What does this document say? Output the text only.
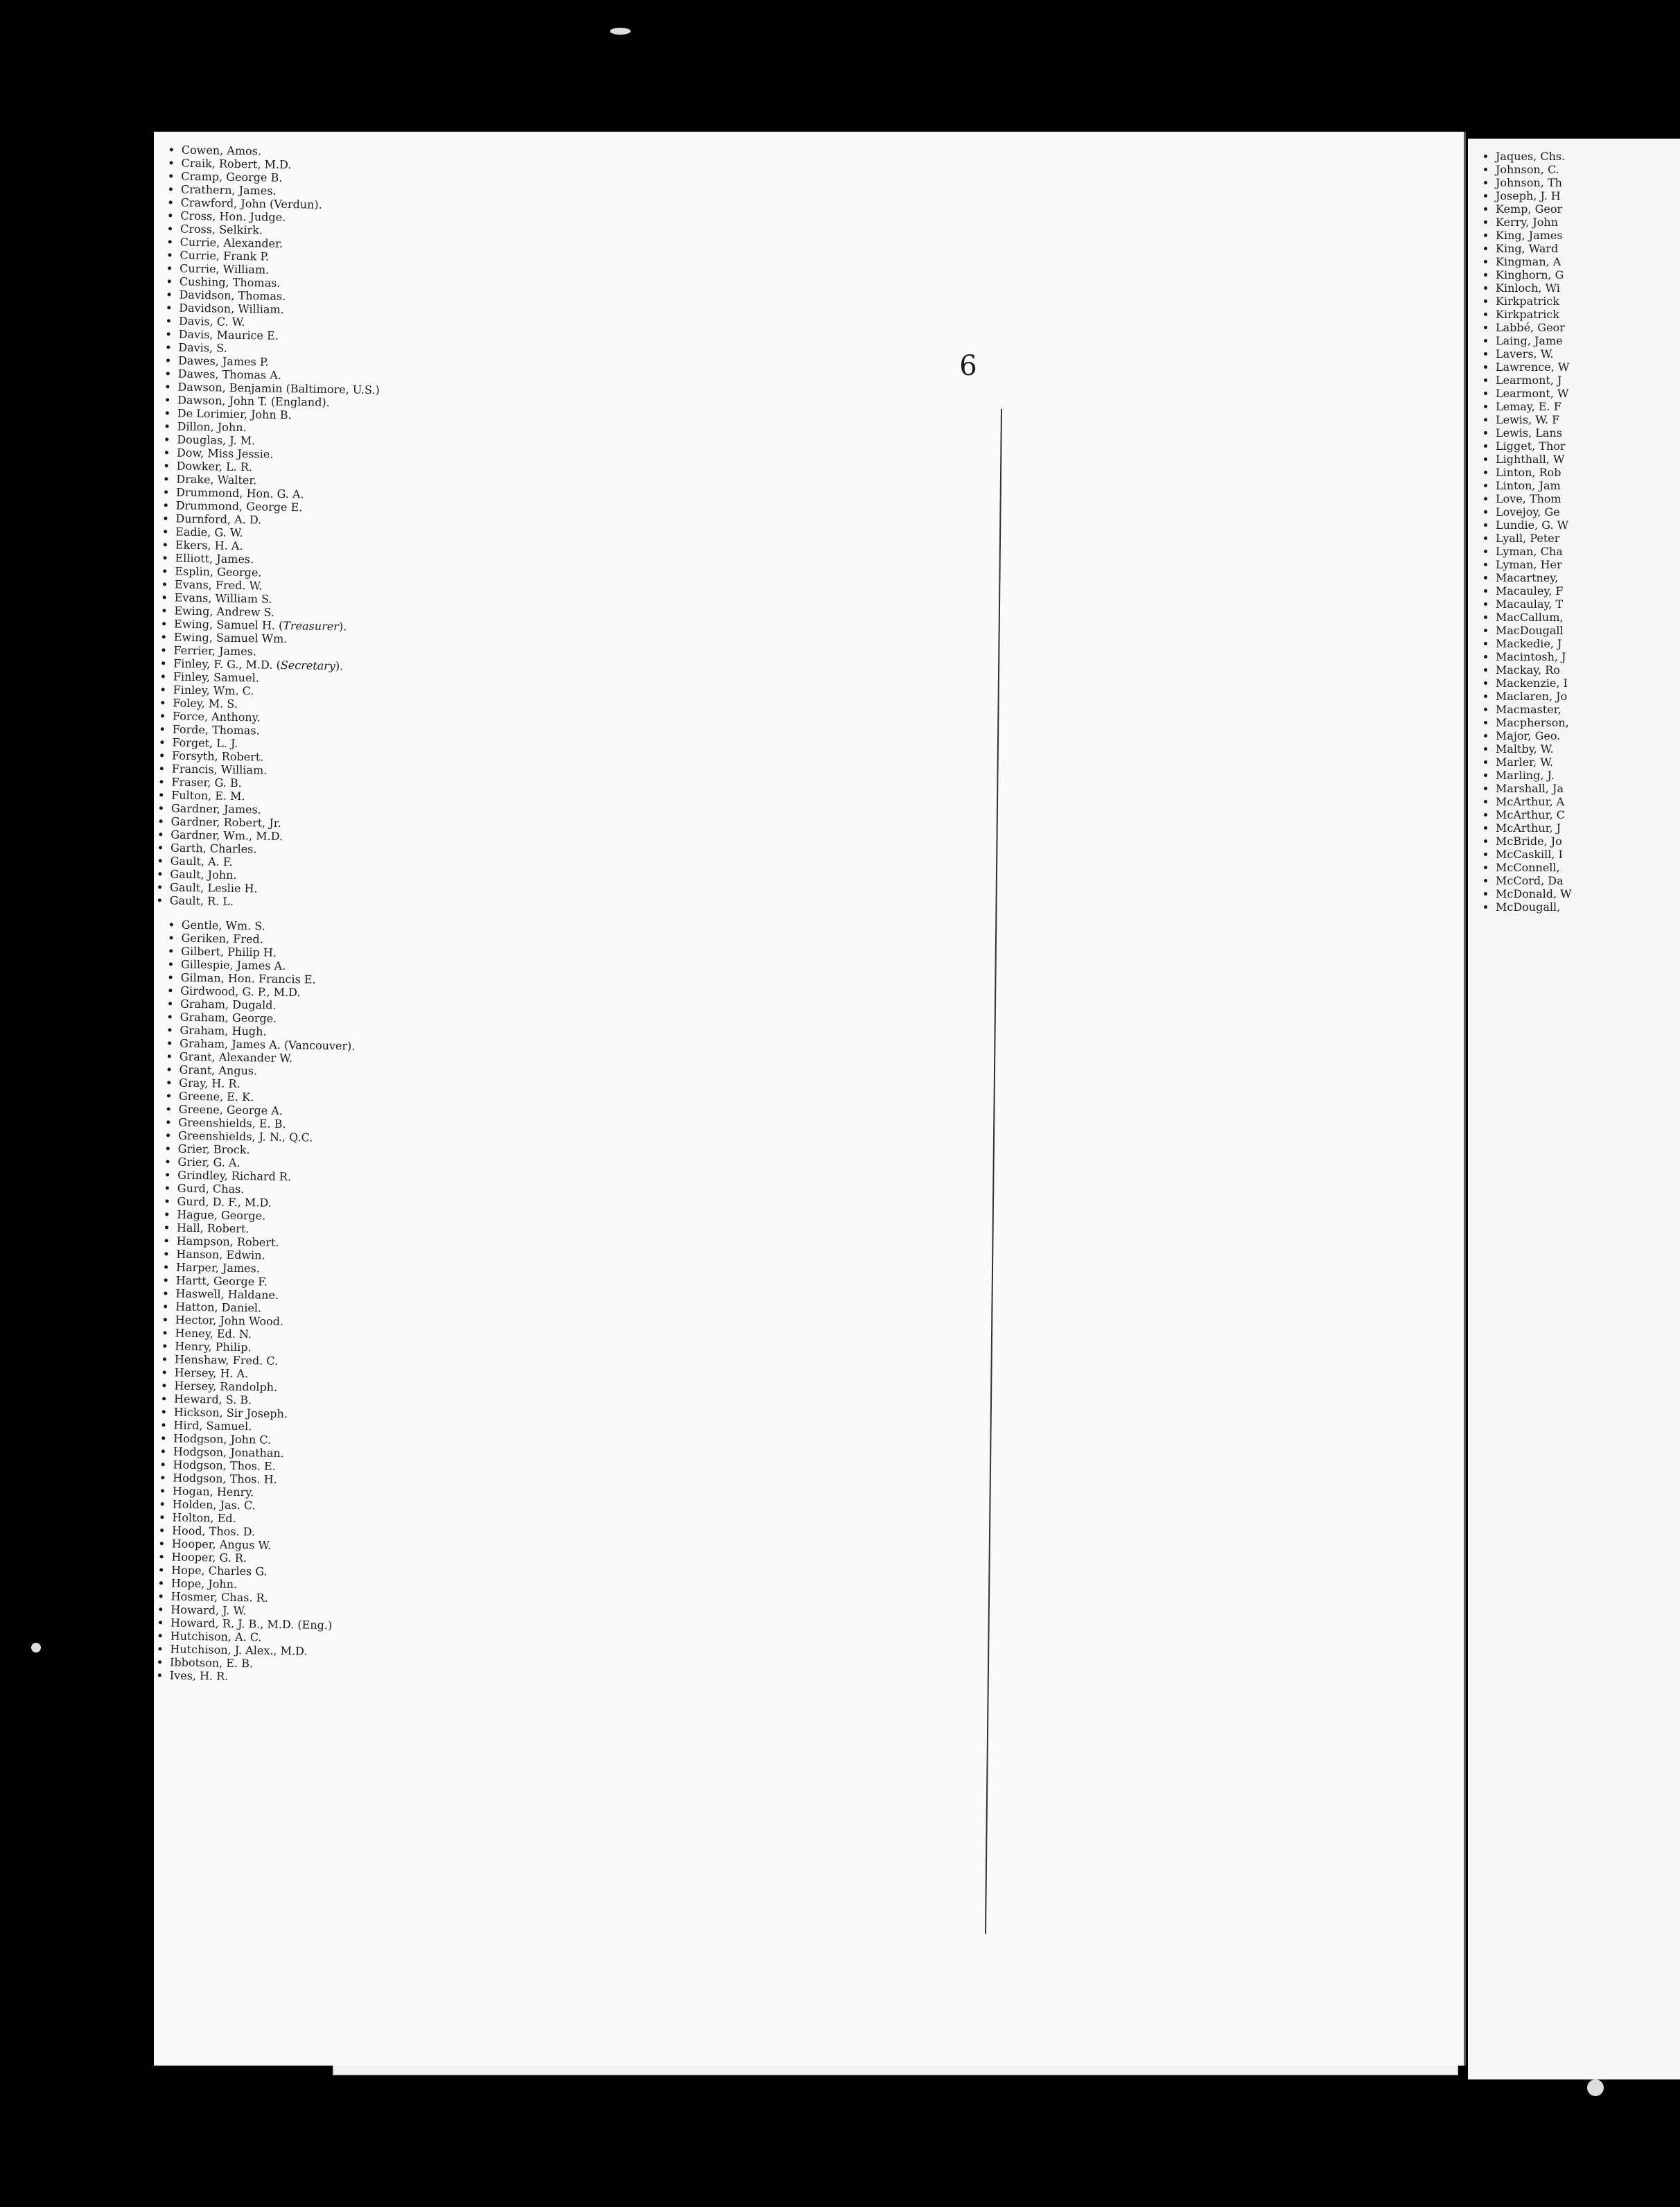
6
• Cowen, Amos.
• Craik, Robert, M.D.
• Cramp, George B.
• Crathern, James.
• Crawford, John (Verdun).
• Cross, Hon. Judge.
• Cross, Selkirk.
• Currie, Alexander.
• Currie, Frank P.
• Currie, William.
• Cushing, Thomas.
• Davidson, Thomas.
• Davidson, William.
• Davis, C. W.
• Davis, Maurice E.
• Davis, S.
• Dawes, James P.
• Dawes, Thomas A.
• Dawson, Benjamin (Baltimore, U.S.)
• Dawson, John T. (England).
• De Lorimier, John B.
• Dillon, John.
• Douglas, J. M.
• Dow, Miss Jessie.
• Dowker, L. R.
• Drake, Walter.
• Drummond, Hon. G. A.
• Drummond, George E.
• Durnford, A. D.
• Eadie, G. W.
• Ekers, H. A.
• Elliott, James.
• Esplin, George.
• Evans, Fred. W.
• Evans, William S.
• Ewing, Andrew S.
• Ewing, Samuel H. (Treasurer).
• Ewing, Samuel Wm.
• Ferrier, James.
• Finley, F. G., M.D. (Secretary).
• Finley, Samuel.
• Finley, Wm. C.
• Foley, M. S.
• Force, Anthony.
• Forde, Thomas.
• Forget, L. J.
• Forsyth, Robert.
• Francis, William.
• Fraser, G. B.
• Fulton, E. M.
• Gardner, James.
• Gardner, Robert, Jr.
• Gardner, Wm., M.D.
• Garth, Charles.
• Gault, A. F.
• Gault, John.
• Gault, Leslie H.
• Gault, R. L.
• Gentle, Wm. S.
• Geriken, Fred.
• Gilbert, Philip H.
• Gillespie, James A.
• Gilman, Hon. Francis E.
• Girdwood, G. P., M.D.
• Graham, Dugald.
• Graham, George.
• Graham, Hugh.
• Graham, James A. (Vancouver).
• Grant, Alexander W.
• Grant, Angus.
• Gray, H. R.
• Greene, E. K.
• Greene, George A.
• Greenshields, E. B.
• Greenshields, J. N., Q.C.
• Grier, Brock.
• Grier, G. A.
• Grindley, Richard R.
• Gurd, Chas.
• Gurd, D. F., M.D.
• Hague, George.
• Hall, Robert.
• Hampson, Robert.
• Hanson, Edwin.
• Harper, James.
• Hartt, George F.
• Haswell, Haldane.
• Hatton, Daniel.
• Hector, John Wood.
• Heney, Ed. N.
• Henry, Philip.
• Henshaw, Fred. C.
• Hersey, H. A.
• Hersey, Randolph.
• Heward, S. B.
• Hickson, Sir Joseph.
• Hird, Samuel.
• Hodgson, John C.
• Hodgson, Jonathan.
• Hodgson, Thos. E.
• Hodgson, Thos. H.
• Hogan, Henry.
• Holden, Jas. C.
• Holton, Ed.
• Hood, Thos. D.
• Hooper, Angus W.
• Hooper, G. R.
• Hope, Charles G.
• Hope, John.
• Hosmer, Chas. R.
• Howard, J. W.
• Howard, R. J. B., M.D. (Eng.)
• Hutchison, A. C.
• Hutchison, J. Alex., M.D.
• Ibbotson, E. B.
• Ives, H. R.
• Jaques, Chs.
• Johnson, C.
• Johnson, Th
• Joseph, J. H
• Kemp, Geor
• Kerry, John
• King, James
• King, Ward
• Kingman, A
• Kinghorn, G
• Kinloch, Wi
• Kirkpatrick
• Kirkpatrick
• Labbé, Geor
• Laing, Jame
• Lavers, W.
• Lawrence, W
• Learmont, J
• Learmont, W
• Lemay, E. F
• Lewis, W. F
• Lewis, Lans
• Ligget, Thor
• Lighthall, W
• Linton, Rob
• Linton, Jam
• Love, Thom
• Lovejoy, Ge
• Lundie, G. W
• Lyall, Peter
• Lyman, Cha
• Lyman, Her
• Macartney,
• Macauley, F
• Macaulay, T
• MacCallum,
• MacDougall
• Mackedie, J
• Macintosh, J
• Mackay, Ro
• Mackenzie, I
• Maclaren, Jo
• Macmaster,
• Macpherson,
• Major, Geo.
• Maltby, W.
• Marler, W.
• Marling, J.
• Marshall, Ja
• McArthur, A
• McArthur, C
• McArthur, J
• McBride, Jo
• McCaskill, I
• McConnell,
• McCord, Da
• McDonald, W
• McDougall,
